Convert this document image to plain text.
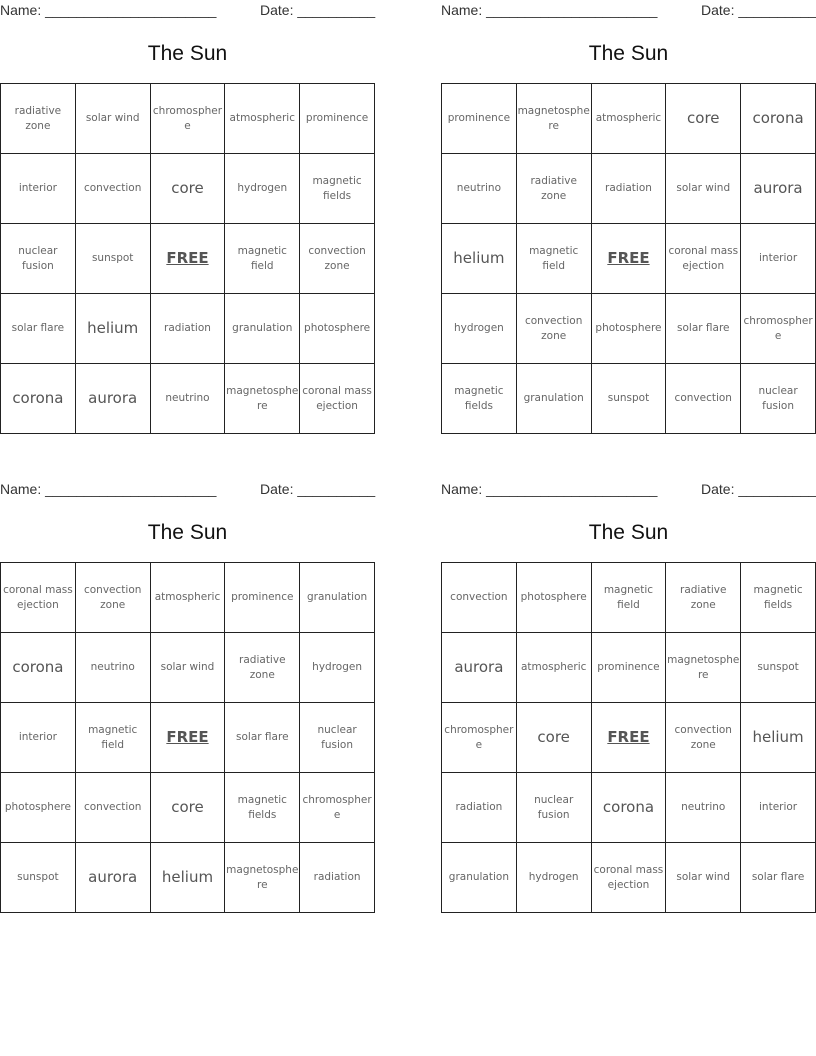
Name: ______________________	Date: __________
The Sun
radiative zone	solar wind	chromosphere	atmospheric	prominence
interior	convection	core	hydrogen	magnetic fields
nuclear fusion	sunspot	FREE	magnetic field	convection zone
solar flare	helium	radiation	granulation	photosphere
corona	aurora	neutrino	magnetosphere	coronal mass ejection
Name: ______________________	Date: __________
The Sun
prominence	magnetosphere	atmospheric	core	corona
neutrino	radiative zone	radiation	solar wind	aurora
helium	magnetic field	FREE	coronal mass ejection	interior
hydrogen	convection zone	photosphere	solar flare	chromosphere
magnetic fields	granulation	sunspot	convection	nuclear fusion
Name: ______________________	Date: __________
The Sun
coronal mass ejection	convection zone	atmospheric	prominence	granulation
corona	neutrino	solar wind	radiative zone	hydrogen
interior	magnetic field	FREE	solar flare	nuclear fusion
photosphere	convection	core	magnetic fields	chromosphere
sunspot	aurora	helium	magnetosphere	radiation
Name: ______________________	Date: __________
The Sun
convection	photosphere	magnetic field	radiative zone	magnetic fields
aurora	atmospheric	prominence	magnetosphere	sunspot
chromosphere	core	FREE	convection zone	helium
radiation	nuclear fusion	corona	neutrino	interior
granulation	hydrogen	coronal mass ejection	solar wind	solar flare
